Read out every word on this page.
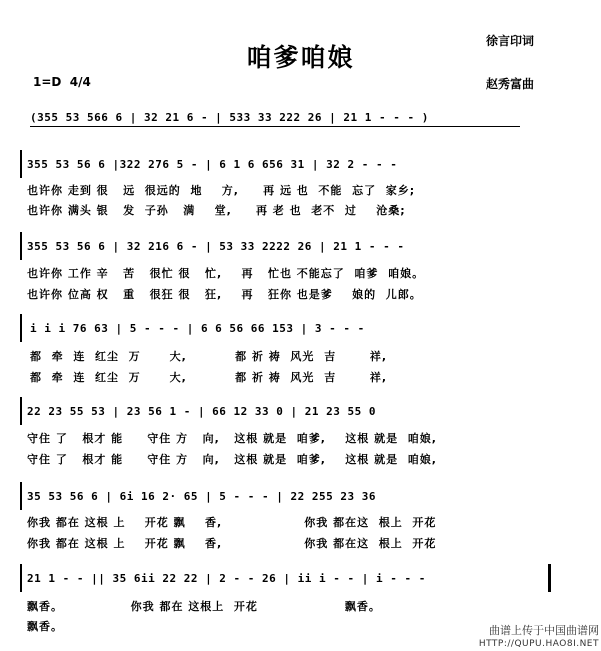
咱爹咱娘
徐言印词
赵秀富曲
1=D  4/4
(355 53 566 6 | 32 21 6 - | 533 33 222 26 | 21 1 - - - )
355 53 56 6 |322 276 5 - | 6 1 6 656 31 | 32 2 - - -
也许你 走到 很   远  很远的  地    方,     再 远 也  不能  忘了  家乡;
也许你 满头 银   发  子孙   满    堂,     再 老 也  老不  过    沧桑;
355 53 56 6 | 32 216 6 - | 53 33 2222 26 | 21 1 - - -
也许你 工作 辛   苦   很忙 很   忙,    再   忙也 不能忘了  咱爹  咱娘。
也许你 位高 权   重   很狂 很   狂,    再   狂你 也是爹    娘的  儿郎。
i i i 76 63 | 5 - - - | 6 6 56 66 153 | 3 - - -
都  牵  连  红尘  万      大,          都 祈 祷  风光  吉       祥,
都  牵  连  红尘  万      大,          都 祈 祷  风光  吉       祥,
22 23 55 53 | 23 56 1 - | 66 12 33 0 | 21 23 55 0
守住 了   根才 能     守住 方   向,   这根 就是  咱爹,    这根 就是  咱娘,
守住 了   根才 能     守住 方   向,   这根 就是  咱爹,    这根 就是  咱娘,
35 53 56 6 | 6i 16 2· 65 | 5 - - - | 22 255 23 36
你我 都在 这根 上    开花 飘    香,                 你我 都在这  根上  开花
你我 都在 这根 上    开花 飘    香,                 你我 都在这  根上  开花
21 1 - - || 35 6ii 22 22 | 2 - - 26 | ii i - - | i - - -
飘香。              你我 都在 这根上  开花                  飘香。
飘香。	曲谱上传于中国曲谱网
HTTP://QUPU.HAO8I.NET
